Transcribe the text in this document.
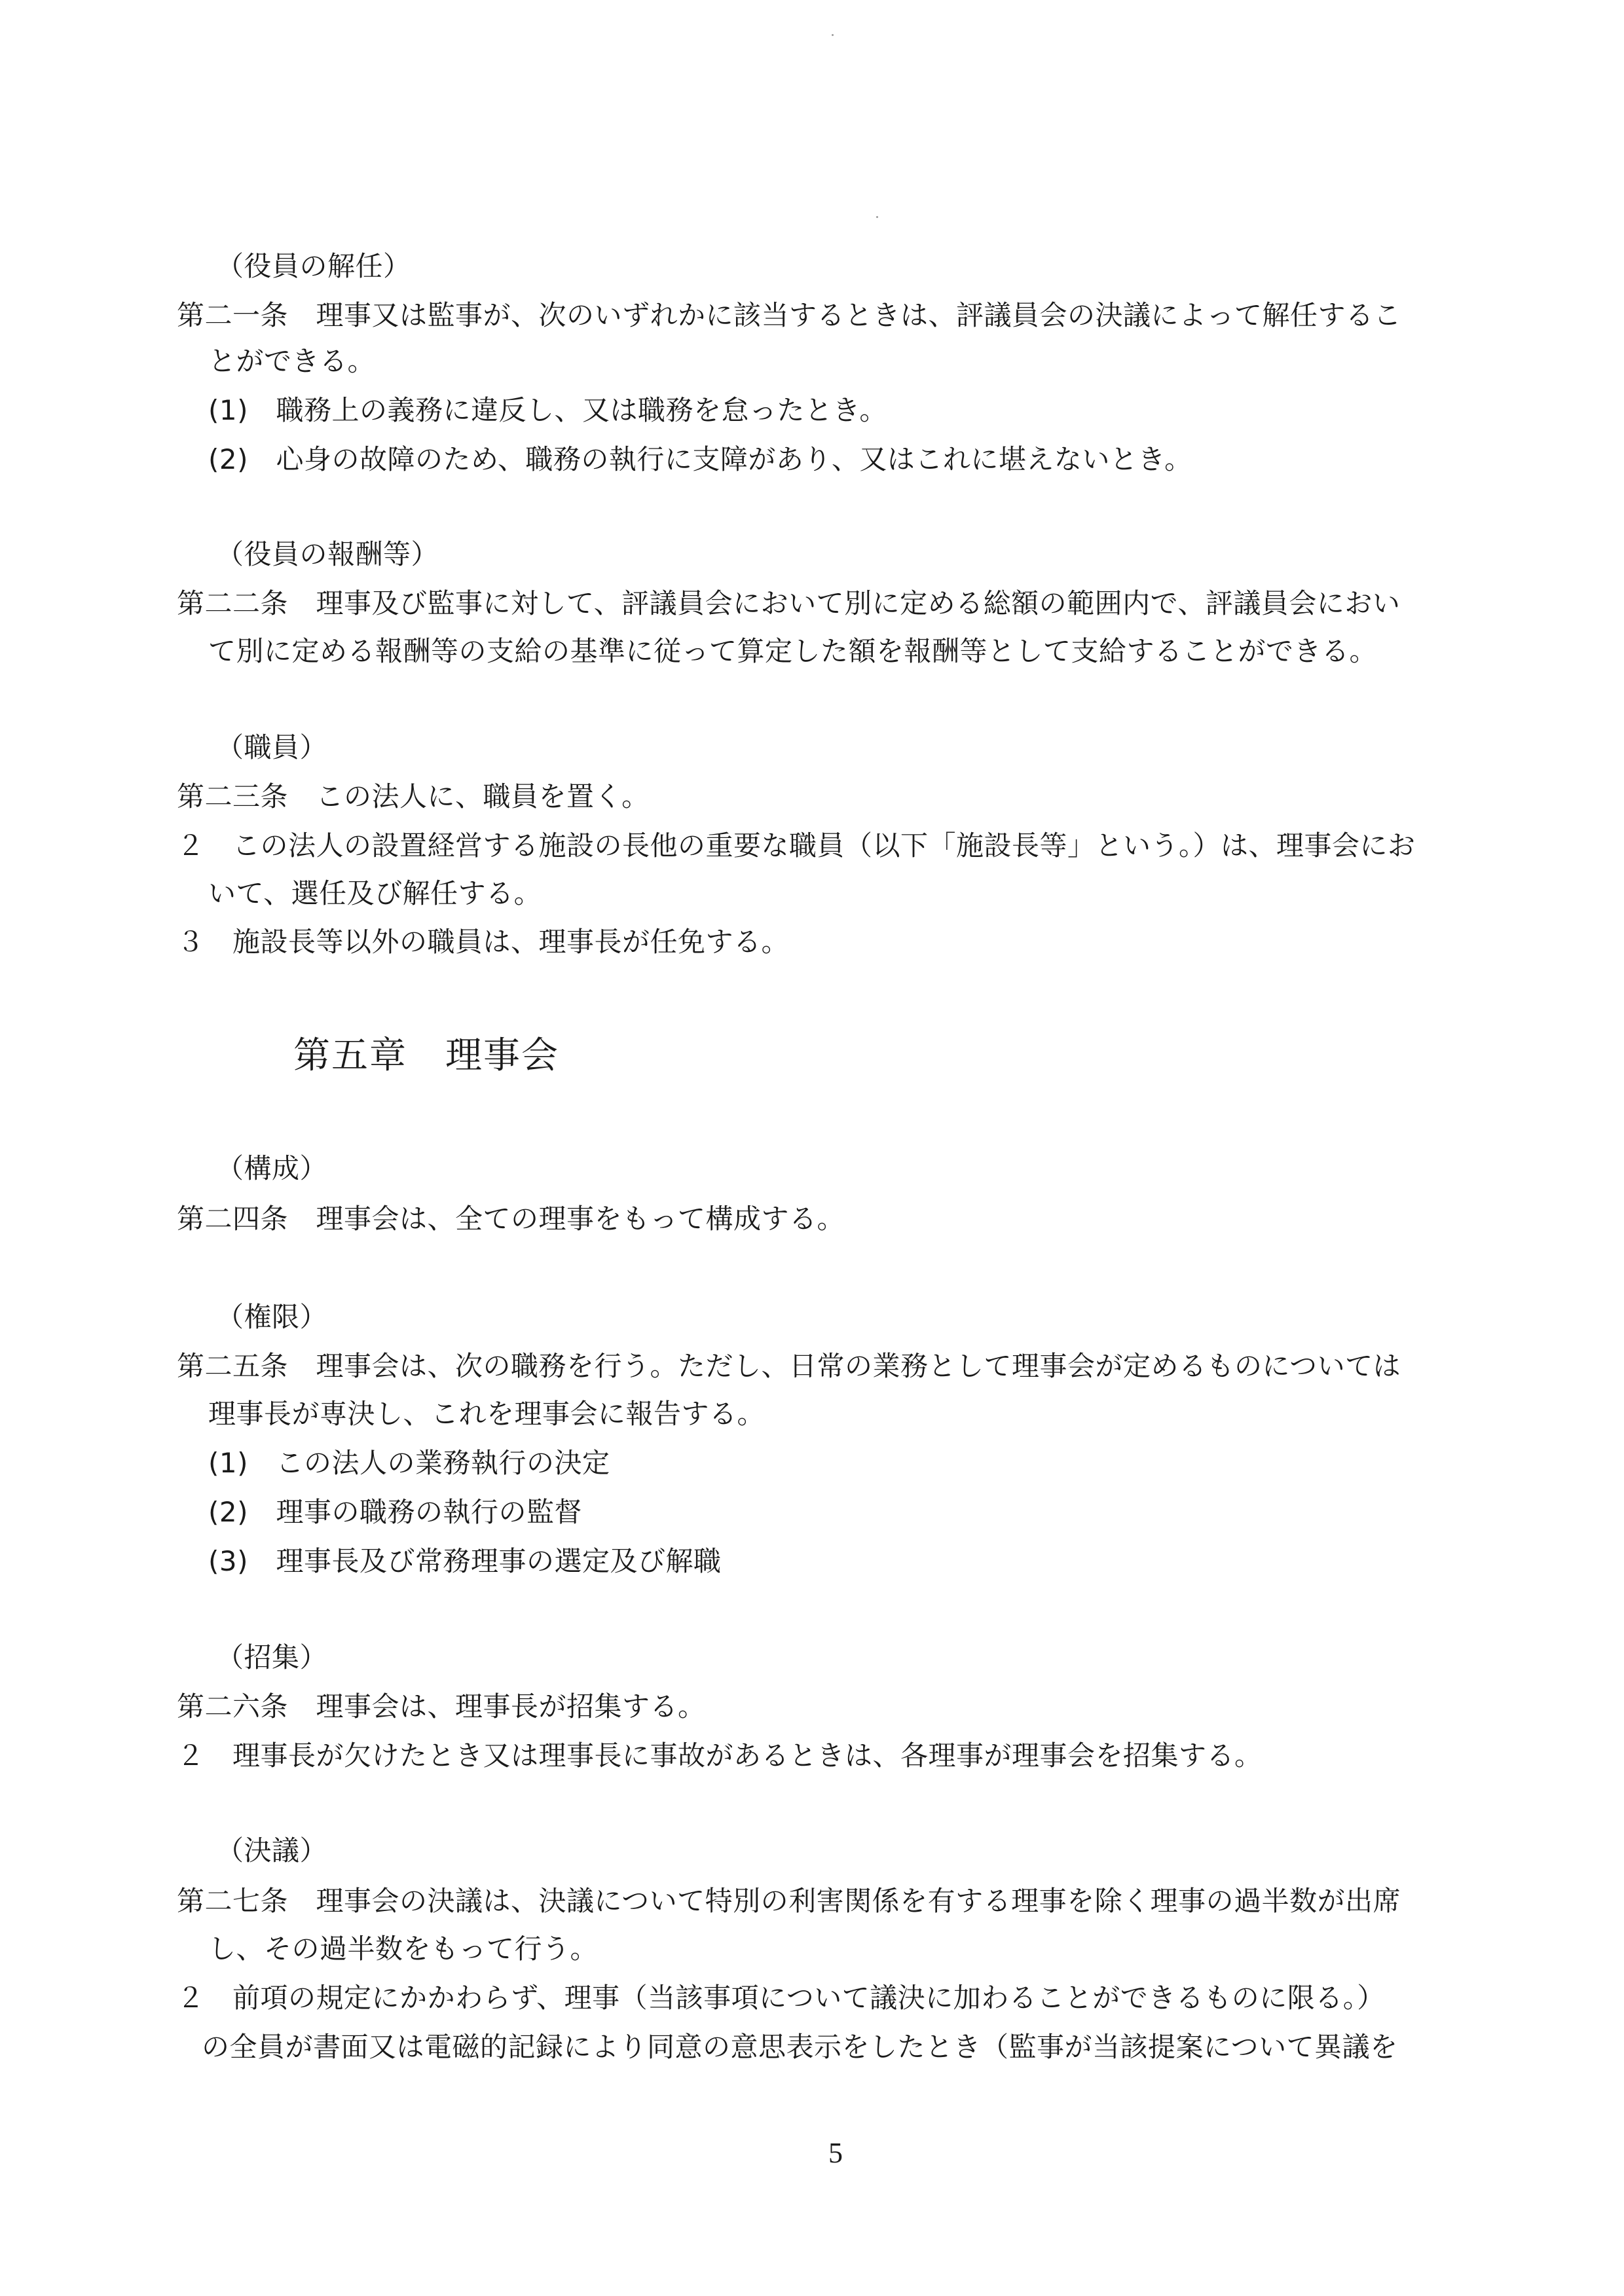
（役員の解任）
第二一条　理事又は監事が、次のいずれかに該当するときは、評議員会の決議によって解任するこ
とができる。
(1)　職務上の義務に違反し、又は職務を怠ったとき。
(2)　心身の故障のため、職務の執行に支障があり、又はこれに堪えないとき。
（役員の報酬等）
第二二条　理事及び監事に対して、評議員会において別に定める総額の範囲内で、評議員会におい
て別に定める報酬等の支給の基準に従って算定した額を報酬等として支給することができる。
（職員）
第二三条　この法人に、職員を置く。
２　この法人の設置経営する施設の長他の重要な職員（以下「施設長等」という。）は、理事会にお
いて、選任及び解任する。
３　施設長等以外の職員は、理事長が任免する。
第五章　理事会
（構成）
第二四条　理事会は、全ての理事をもって構成する。
（権限）
第二五条　理事会は、次の職務を行う。ただし、日常の業務として理事会が定めるものについては
理事長が専決し、これを理事会に報告する。
(1)　この法人の業務執行の決定
(2)　理事の職務の執行の監督
(3)　理事長及び常務理事の選定及び解職
（招集）
第二六条　理事会は、理事長が招集する。
２　理事長が欠けたとき又は理事長に事故があるときは、各理事が理事会を招集する。
（決議）
第二七条　理事会の決議は、決議について特別の利害関係を有する理事を除く理事の過半数が出席
し、その過半数をもって行う。
２　前項の規定にかかわらず、理事（当該事項について議決に加わることができるものに限る。）
の全員が書面又は電磁的記録により同意の意思表示をしたとき（監事が当該提案について異議を
5
